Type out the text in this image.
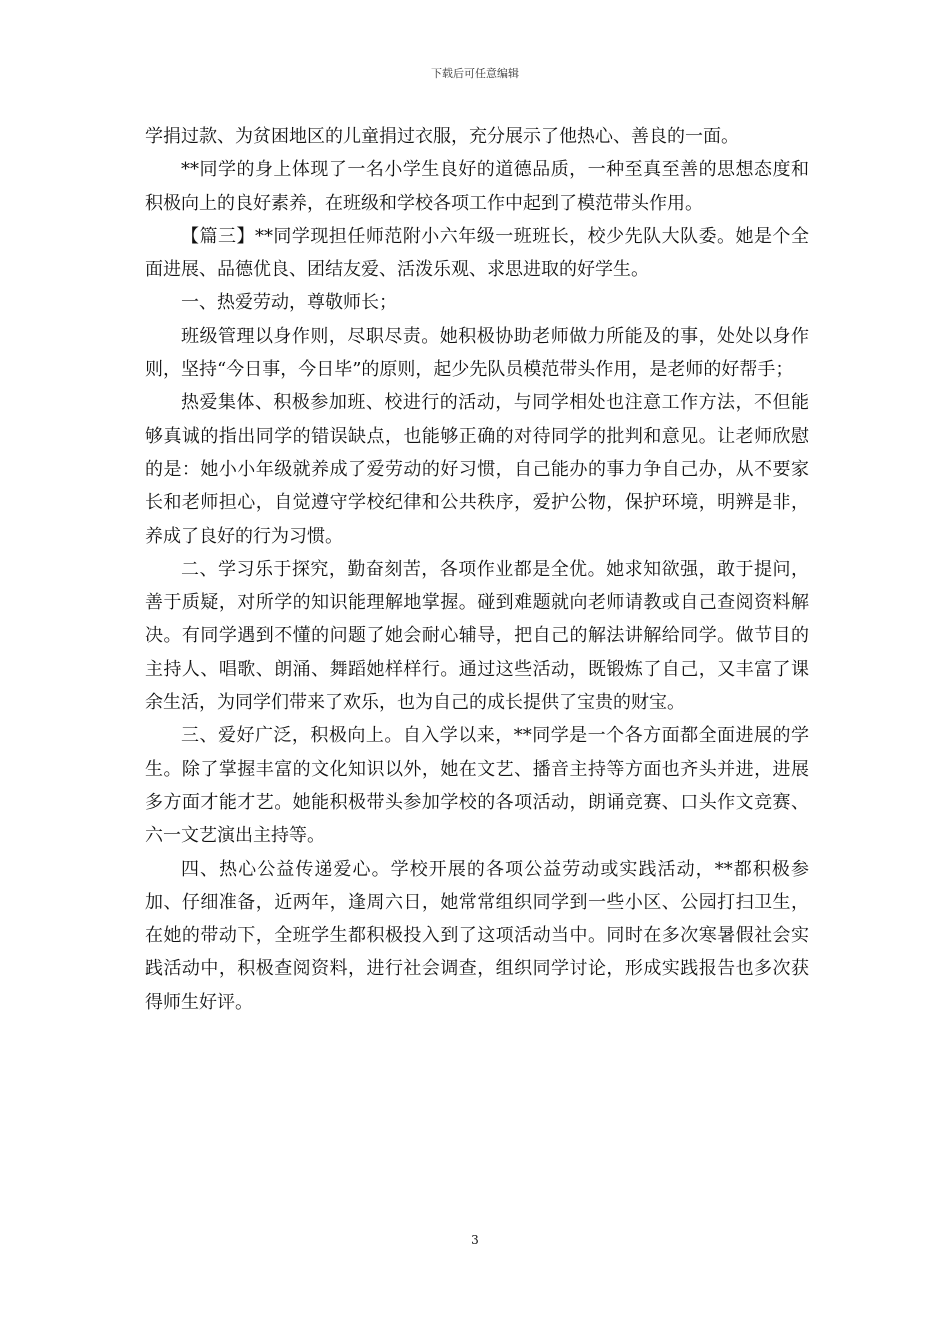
下载后可任意编辑

学捐过款、为贫困地区的儿童捐过衣服，充分展示了他热心、善良的一面。

**同学的身上体现了一名小学生良好的道德品质，一种至真至善的思想态度和积极向上的良好素养，在班级和学校各项工作中起到了模范带头作用。

【篇三】**同学现担任师范附小六年级一班班长，校少先队大队委。她是个全面进展、品德优良、团结友爱、活泼乐观、求思进取的好学生。

一、热爱劳动，尊敬师长；

班级管理以身作则，尽职尽责。她积极协助老师做力所能及的事，处处以身作则，坚持“今日事，今日毕”的原则，起少先队员模范带头作用，是老师的好帮手；

热爱集体、积极参加班、校进行的活动，与同学相处也注意工作方法，不但能够真诚的指出同学的错误缺点，也能够正确的对待同学的批判和意见。让老师欣慰的是：她小小年级就养成了爱劳动的好习惯，自己能办的事力争自己办，从不要家长和老师担心，自觉遵守学校纪律和公共秩序，爱护公物，保护环境，明辨是非，养成了良好的行为习惯。

二、学习乐于探究，勤奋刻苦，各项作业都是全优。她求知欲强，敢于提问，善于质疑，对所学的知识能理解地掌握。碰到难题就向老师请教或自己查阅资料解决。有同学遇到不懂的问题了她会耐心辅导，把自己的解法讲解给同学。做节目的主持人、唱歌、朗涌、舞蹈她样样行。通过这些活动，既锻炼了自己，又丰富了课余生活，为同学们带来了欢乐，也为自己的成长提供了宝贵的财宝。

三、爱好广泛，积极向上。自入学以来，**同学是一个各方面都全面进展的学生。除了掌握丰富的文化知识以外，她在文艺、播音主持等方面也齐头并进，进展多方面才能才艺。她能积极带头参加学校的各项活动，朗诵竞赛、口头作文竞赛、六一文艺演出主持等。

四、热心公益传递爱心。学校开展的各项公益劳动或实践活动，**都积极参加、仔细准备，近两年，逢周六日，她常常组织同学到一些小区、公园打扫卫生，在她的带动下，全班学生都积极投入到了这项活动当中。同时在多次寒暑假社会实践活动中，积极查阅资料，进行社会调查，组织同学讨论，形成实践报告也多次获得师生好评。

3
